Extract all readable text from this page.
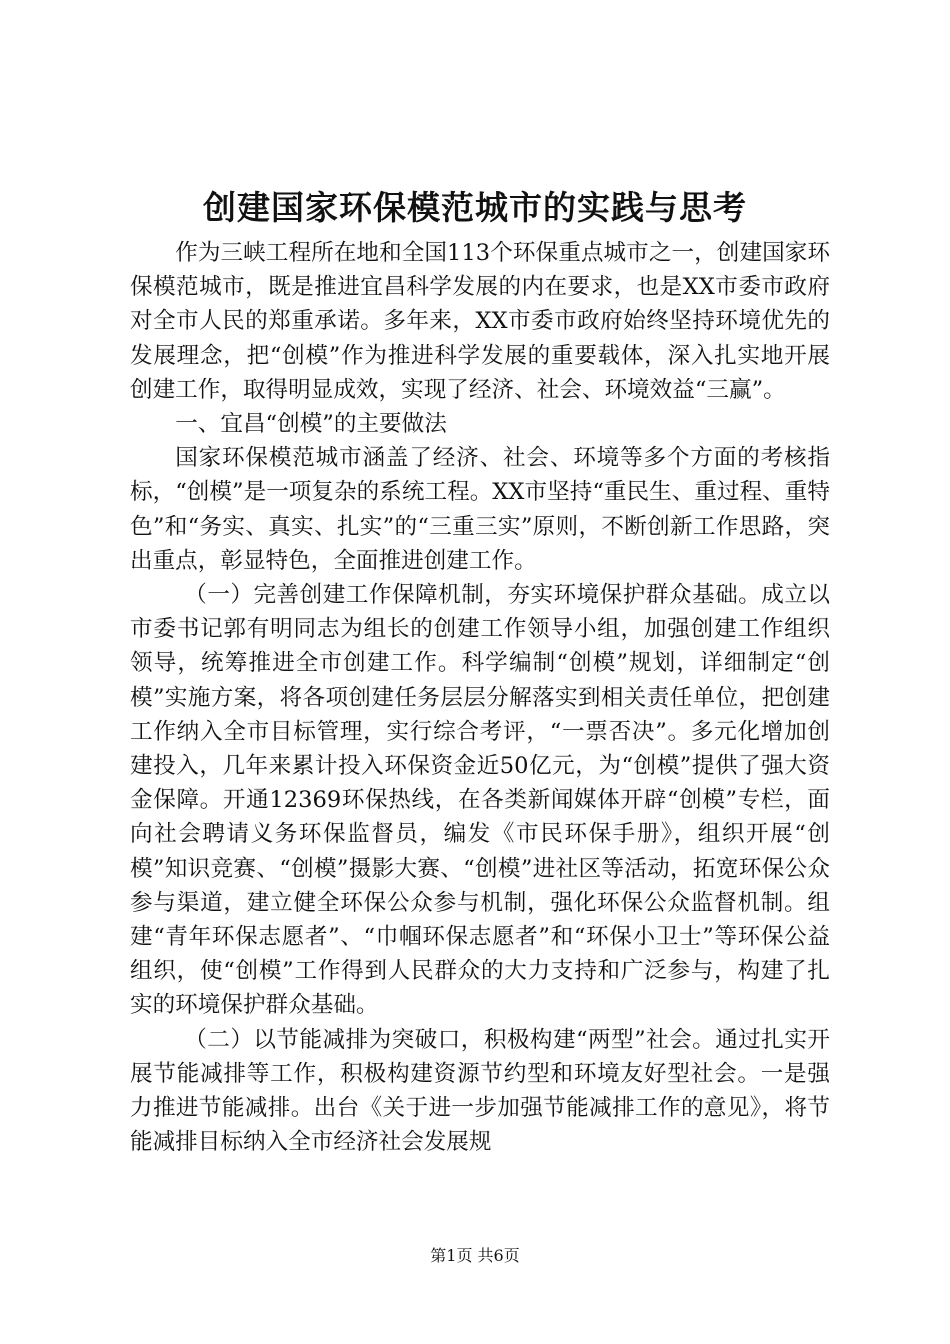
创建国家环保模范城市的实践与思考

作为三峡工程所在地和全国113个环保重点城市之一，创建国家环保模范城市，既是推进宜昌科学发展的内在要求，也是XX市委市政府对全市人民的郑重承诺。多年来，XX市委市政府始终坚持环境优先的发展理念，把“创模”作为推进科学发展的重要载体，深入扎实地开展创建工作，取得明显成效，实现了经济、社会、环境效益“三赢”。

一、宜昌“创模”的主要做法

国家环保模范城市涵盖了经济、社会、环境等多个方面的考核指标，“创模”是一项复杂的系统工程。XX市坚持“重民生、重过程、重特色”和“务实、真实、扎实”的“三重三实”原则，不断创新工作思路，突出重点，彰显特色，全面推进创建工作。

（一）完善创建工作保障机制，夯实环境保护群众基础。成立以市委书记郭有明同志为组长的创建工作领导小组，加强创建工作组织领导，统筹推进全市创建工作。科学编制“创模”规划，详细制定“创模”实施方案，将各项创建任务层层分解落实到相关责任单位，把创建工作纳入全市目标管理，实行综合考评，“一票否决”。多元化增加创建投入，几年来累计投入环保资金近50亿元，为“创模”提供了强大资金保障。开通12369环保热线，在各类新闻媒体开辟“创模”专栏，面向社会聘请义务环保监督员，编发《市民环保手册》，组织开展“创模”知识竞赛、“创模”摄影大赛、“创模”进社区等活动，拓宽环保公众参与渠道，建立健全环保公众参与机制，强化环保公众监督机制。组建“青年环保志愿者”、“巾帼环保志愿者”和“环保小卫士”等环保公益组织，使“创模”工作得到人民群众的大力支持和广泛参与，构建了扎实的环境保护群众基础。

（二）以节能减排为突破口，积极构建“两型”社会。通过扎实开展节能减排等工作，积极构建资源节约型和环境友好型社会。一是强力推进节能减排。出台《关于进一步加强节能减排工作的意见》，将节能减排目标纳入全市经济社会发展规

第1页 共6页
